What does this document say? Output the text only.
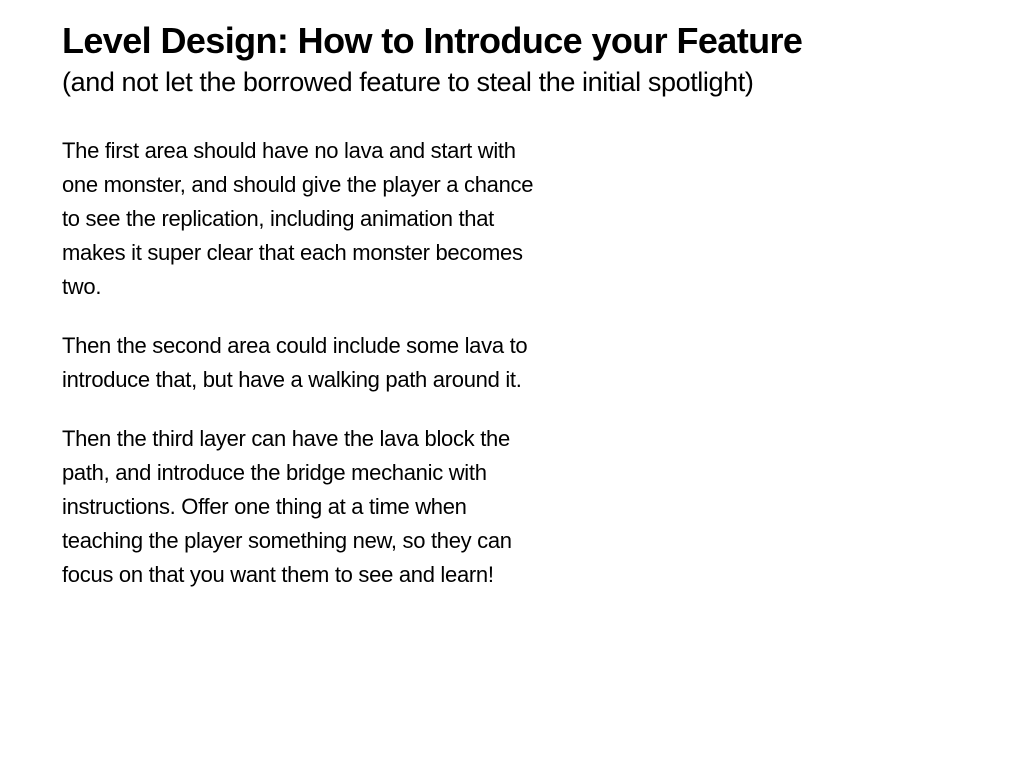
Level Design: How to Introduce your Feature

(and not let the borrowed feature to steal the initial spotlight)

The first area should have no lava and start with one monster, and should give the player a chance to see the replication, including animation that makes it super clear that each monster becomes two.

Then the second area could include some lava to introduce that, but have a walking path around it.

Then the third layer can have the lava block the path, and introduce the bridge mechanic with instructions. Offer one thing at a time when teaching the player something new, so they can focus on that you want them to see and learn!
